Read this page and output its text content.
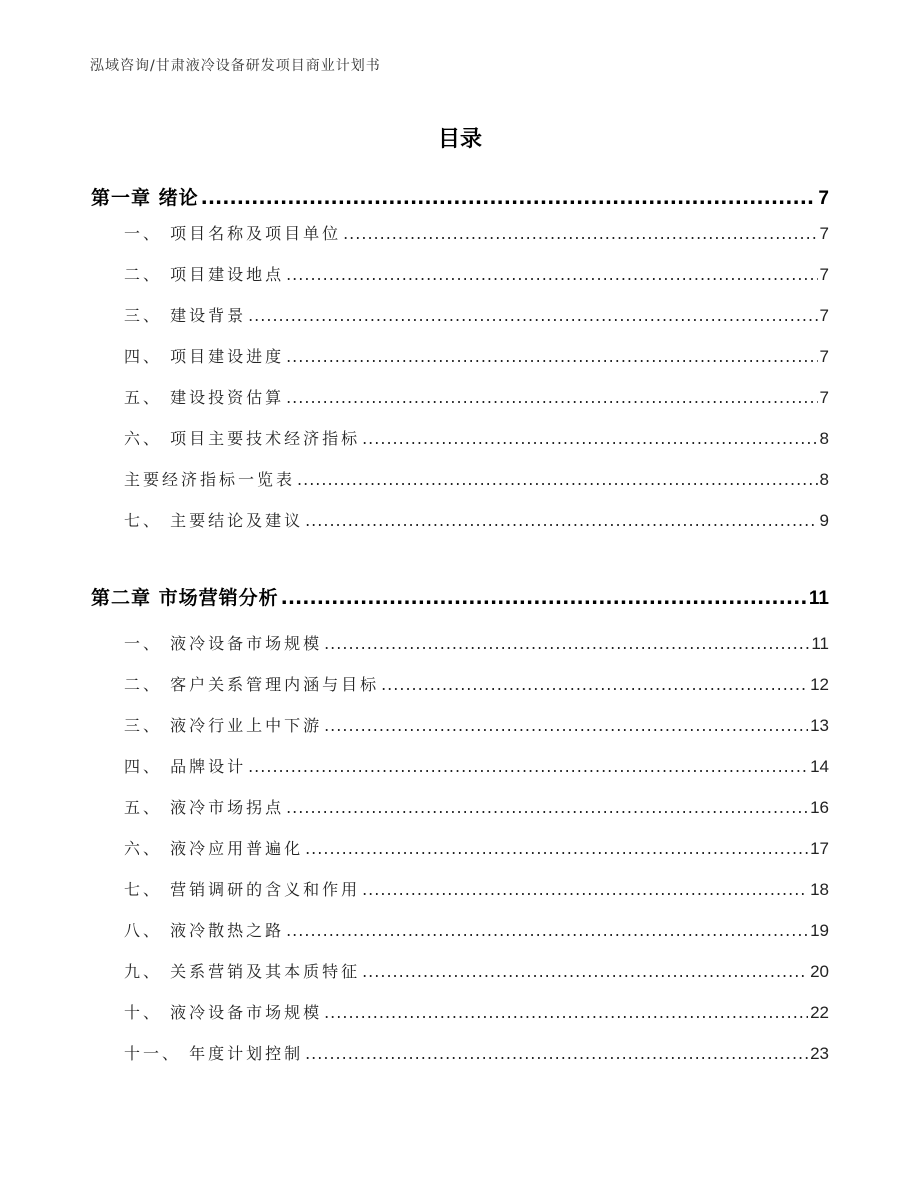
泓域咨询/甘肃液冷设备研发项目商业计划书
目录
第一章 绪论 .....	7
一、 项目名称及项目单位 .....	7
二、 项目建设地点 .....	7
三、 建设背景 .....	7
四、 项目建设进度 .....	7
五、 建设投资估算 .....	7
六、 项目主要技术经济指标 .....	8
主要经济指标一览表 .....	8
七、 主要结论及建议 .....	9
第二章 市场营销分析 .....	11
一、 液冷设备市场规模 .....	11
二、 客户关系管理内涵与目标 .....	12
三、 液冷行业上中下游 .....	13
四、 品牌设计 .....	14
五、 液冷市场拐点 .....	16
六、 液冷应用普遍化 .....	17
七、 营销调研的含义和作用 .....	18
八、 液冷散热之路 .....	19
九、 关系营销及其本质特征 .....	20
十、 液冷设备市场规模 .....	22
十一、 年度计划控制 .....	23
